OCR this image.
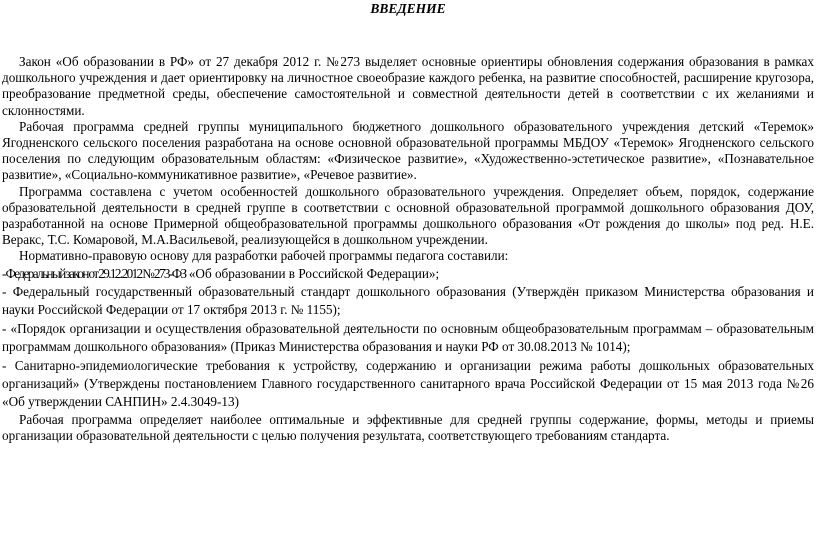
ВВЕДЕНИЕ

Закон «Об образовании в РФ» от 27 декабря 2012 г. №273 выделяет основные ориентиры обновления содержания образования в рамках дошкольного учреждения и дает ориентировку на личностное своеобразие каждого ребенка, на развитие способностей, расширение кругозора, преобразование предметной среды, обеспечение самостоятельной и совместной деятельности детей в соответствии с их желаниями и склонностями.

Рабочая программа средней группы муниципального бюджетного дошкольного образовательного учреждения детский «Теремок» Ягодненского сельского поселения разработана на основе основной образовательной программы МБДОУ «Теремок» Ягодненского сельского поселения по следующим образовательным областям: «Физическое развитие», «Художественно-эстетическое развитие», «Познавательное развитие», «Социально-коммуникативное развитие», «Речевое развитие».

Программа составлена с учетом особенностей дошкольного образовательного учреждения. Определяет объем, порядок, содержание образовательной деятельности в средней группе в соответствии с основной образовательной программой дошкольного образования ДОУ, разработанной на основе Примерной общеобразовательной программы дошкольного образования «От рождения до школы» под ред. Н.Е. Веракс, Т.С. Комаровой, М.А.Васильевой, реализующейся в дошкольном учреждении.

Нормативно-правовую основу для разработки рабочей программы педагога составили:

- Федеральный закон от 29.12.2012 № 273-ФЗ «Об образовании в Российской Федерации»;

- Федеральный государственный образовательный стандарт дошкольного образования (Утверждён приказом Министерства образования и науки Российской Федерации от 17 октября 2013 г. № 1155);

- «Порядок организации и осуществления образовательной деятельности по основным общеобразовательным программам – образовательным программам дошкольного образования» (Приказ Министерства образования и науки РФ от 30.08.2013 № 1014);

- Санитарно-эпидемиологические требования к устройству, содержанию и организации режима работы дошкольных образовательных организаций» (Утверждены постановлением Главного государственного санитарного врача Российской Федерации от 15 мая 2013 года №26 «Об утверждении САНПИН» 2.4.3049-13)

Рабочая программа определяет наиболее оптимальные и эффективные для средней группы содержание, формы, методы и приемы организации образовательной деятельности с целью получения результата, соответствующего требованиям стандарта.
